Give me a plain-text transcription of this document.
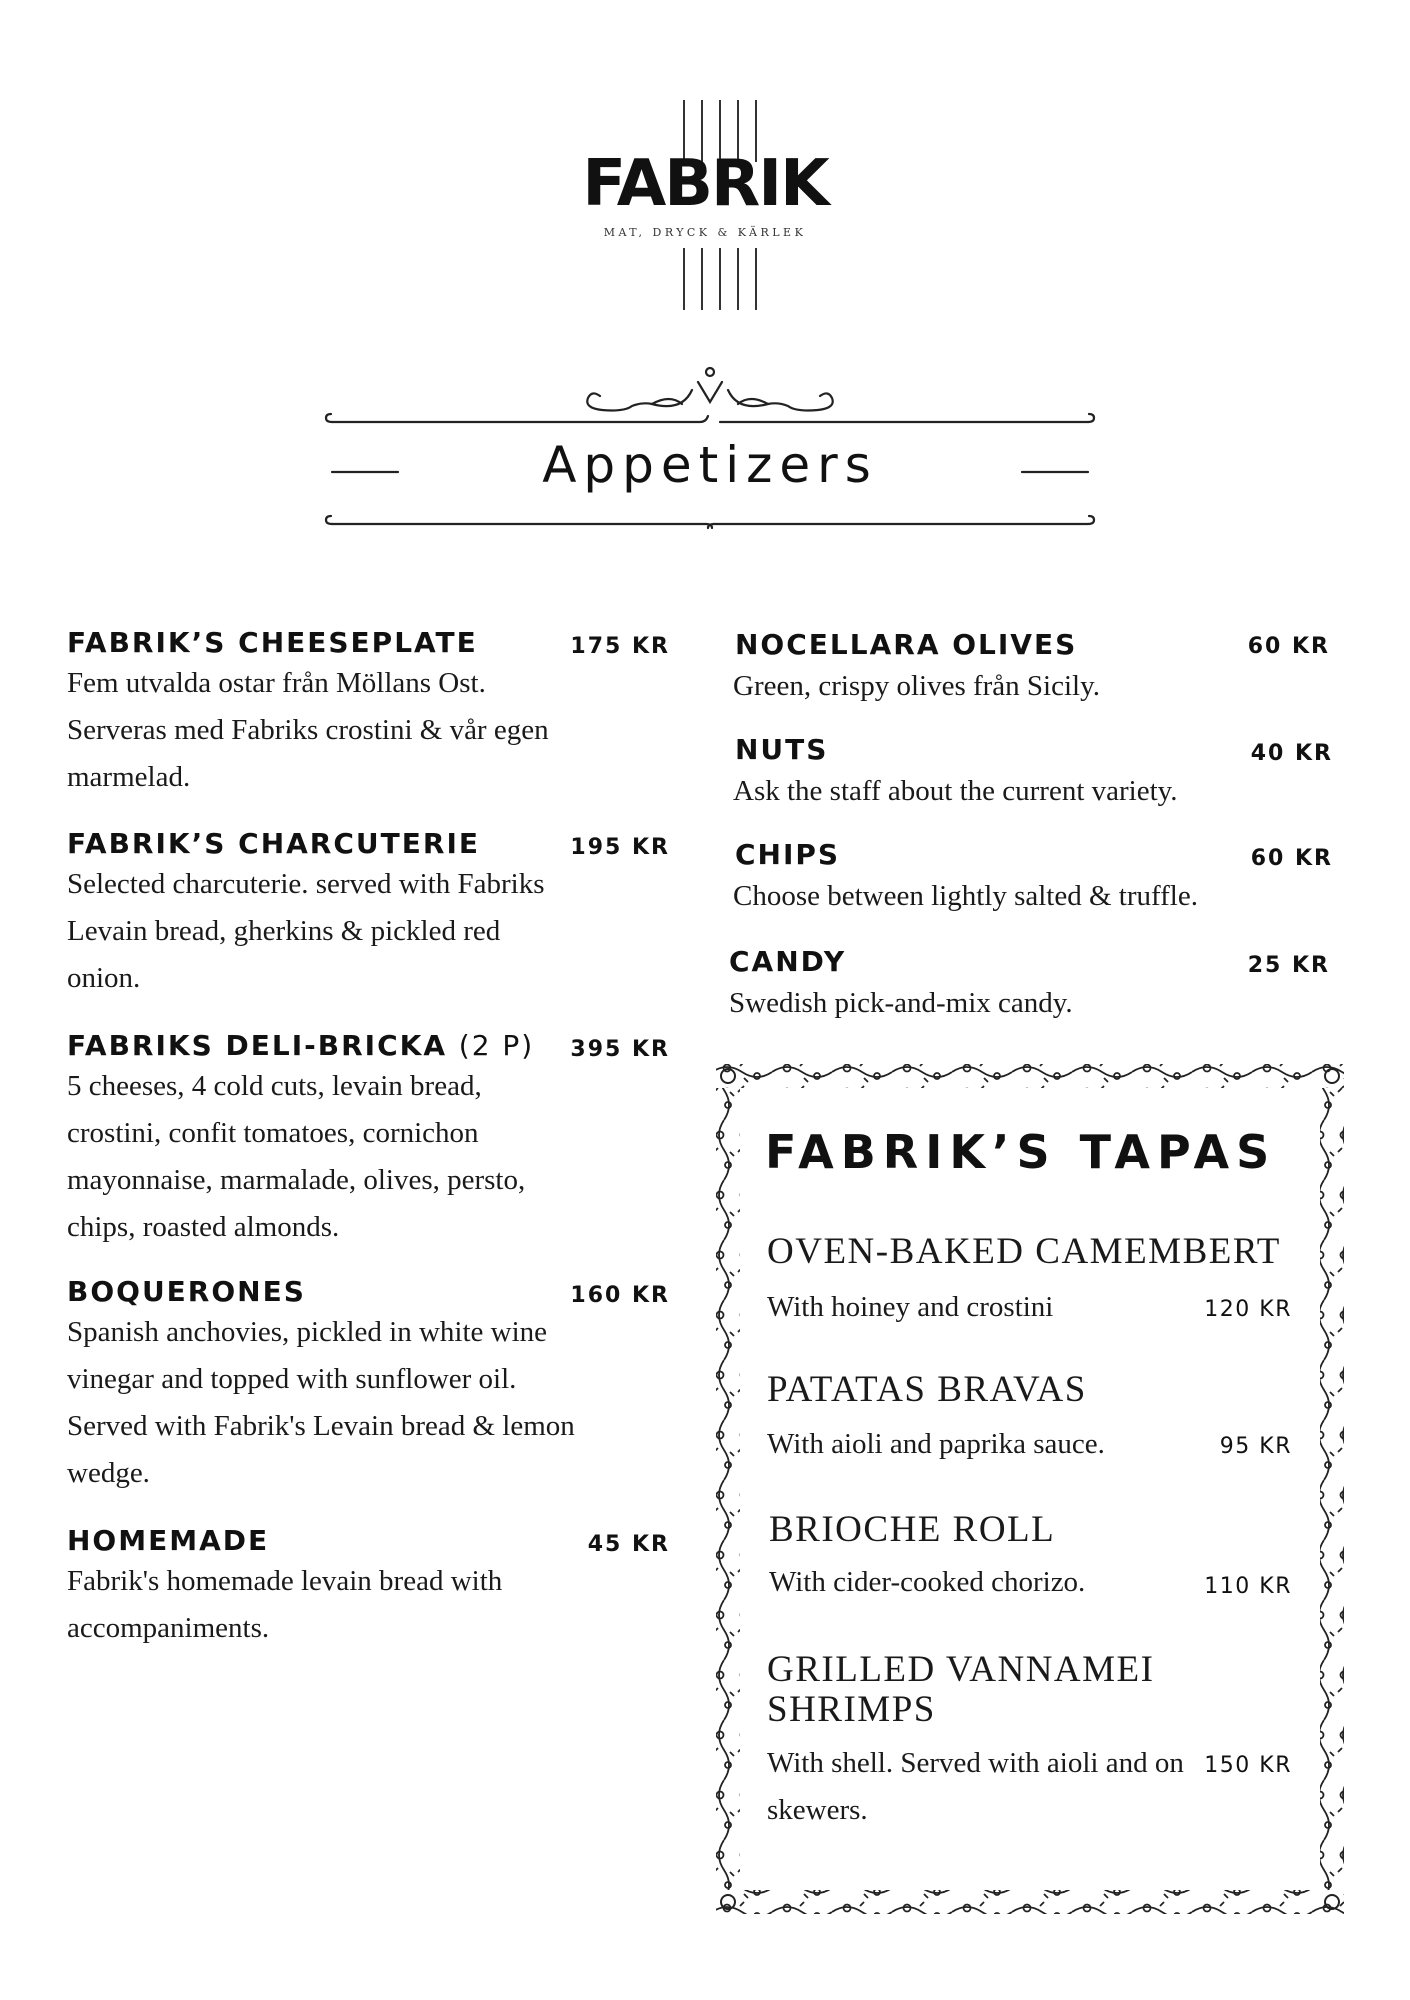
FABRIK
MAT, DRYCK & KÄRLEK
Appetizers
FABRIK’S CHEESEPLATE	175 KR
Fem utvalda ostar från Möllans Ost. Serveras med Fabriks crostini & vår egen marmelad.
FABRIK’S CHARCUTERIE	195 KR
Selected charcuterie. served with Fabriks Levain bread, gherkins & pickled red onion.
FABRIKS DELI-BRICKA (2 P)	395 KR
5 cheeses, 4 cold cuts, levain bread, crostini, confit tomatoes, cornichon mayonnaise, marmalade, olives, persto, chips, roasted almonds.
BOQUERONES	160 KR
Spanish anchovies, pickled in white wine vinegar and topped with sunflower oil. Served with Fabrik's Levain bread & lemon wedge.
HOMEMADE	45 KR
Fabrik's homemade levain bread with accompaniments.
NOCELLARA OLIVES	60 KR
Green, crispy olives från Sicily.
NUTS	40 KR
Ask the staff about the current variety.
CHIPS	60 KR
Choose between lightly salted & truffle.
CANDY	25 KR
Swedish pick-and-mix candy.
FABRIK’S TAPAS
OVEN-BAKED CAMEMBERT
With hoiney and crostini	120 KR
PATATAS BRAVAS
With aioli and paprika sauce.	95 KR
BRIOCHE ROLL
With cider-cooked chorizo.	110 KR
GRILLED VANNAMEI SHRIMPS
With shell. Served with aioli and on skewers.
150 KR
